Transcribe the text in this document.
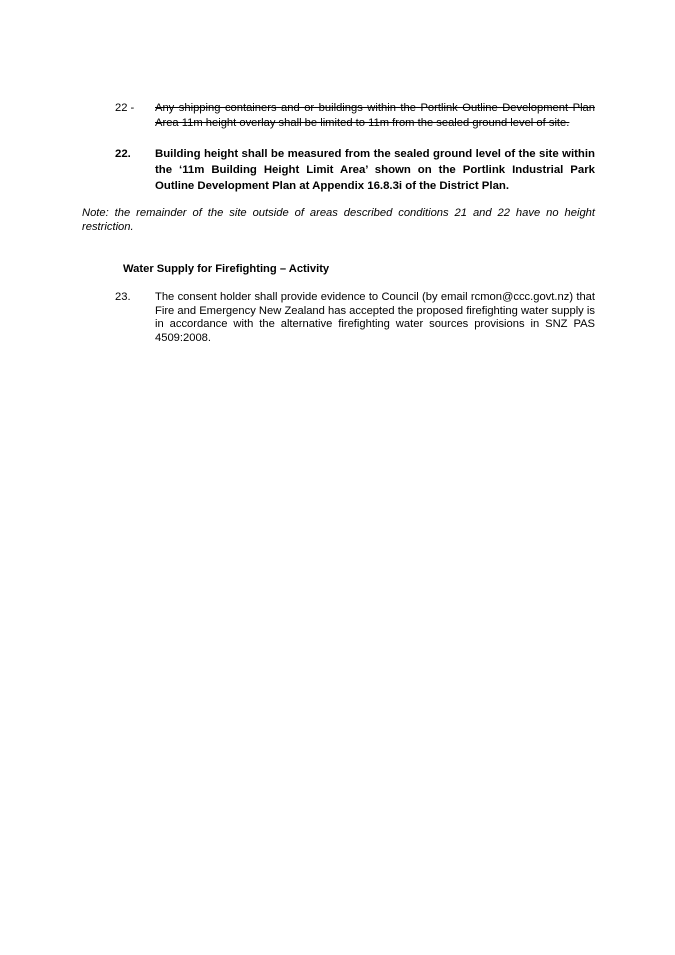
22 - Any shipping containers and or buildings within the Portlink Outline Development Plan Area 11m height overlay shall be limited to 11m from the sealed ground level of site.
22. Building height shall be measured from the sealed ground level of the site within the ‘11m Building Height Limit Area’ shown on the Portlink Industrial Park Outline Development Plan at Appendix 16.8.3i of the District Plan.
Note: the remainder of the site outside of areas described conditions 21 and 22 have no height restriction.
Water Supply for Firefighting – Activity
23. The consent holder shall provide evidence to Council (by email rcmon@ccc.govt.nz) that Fire and Emergency New Zealand has accepted the proposed firefighting water supply is in accordance with the alternative firefighting water sources provisions in SNZ PAS 4509:2008.
